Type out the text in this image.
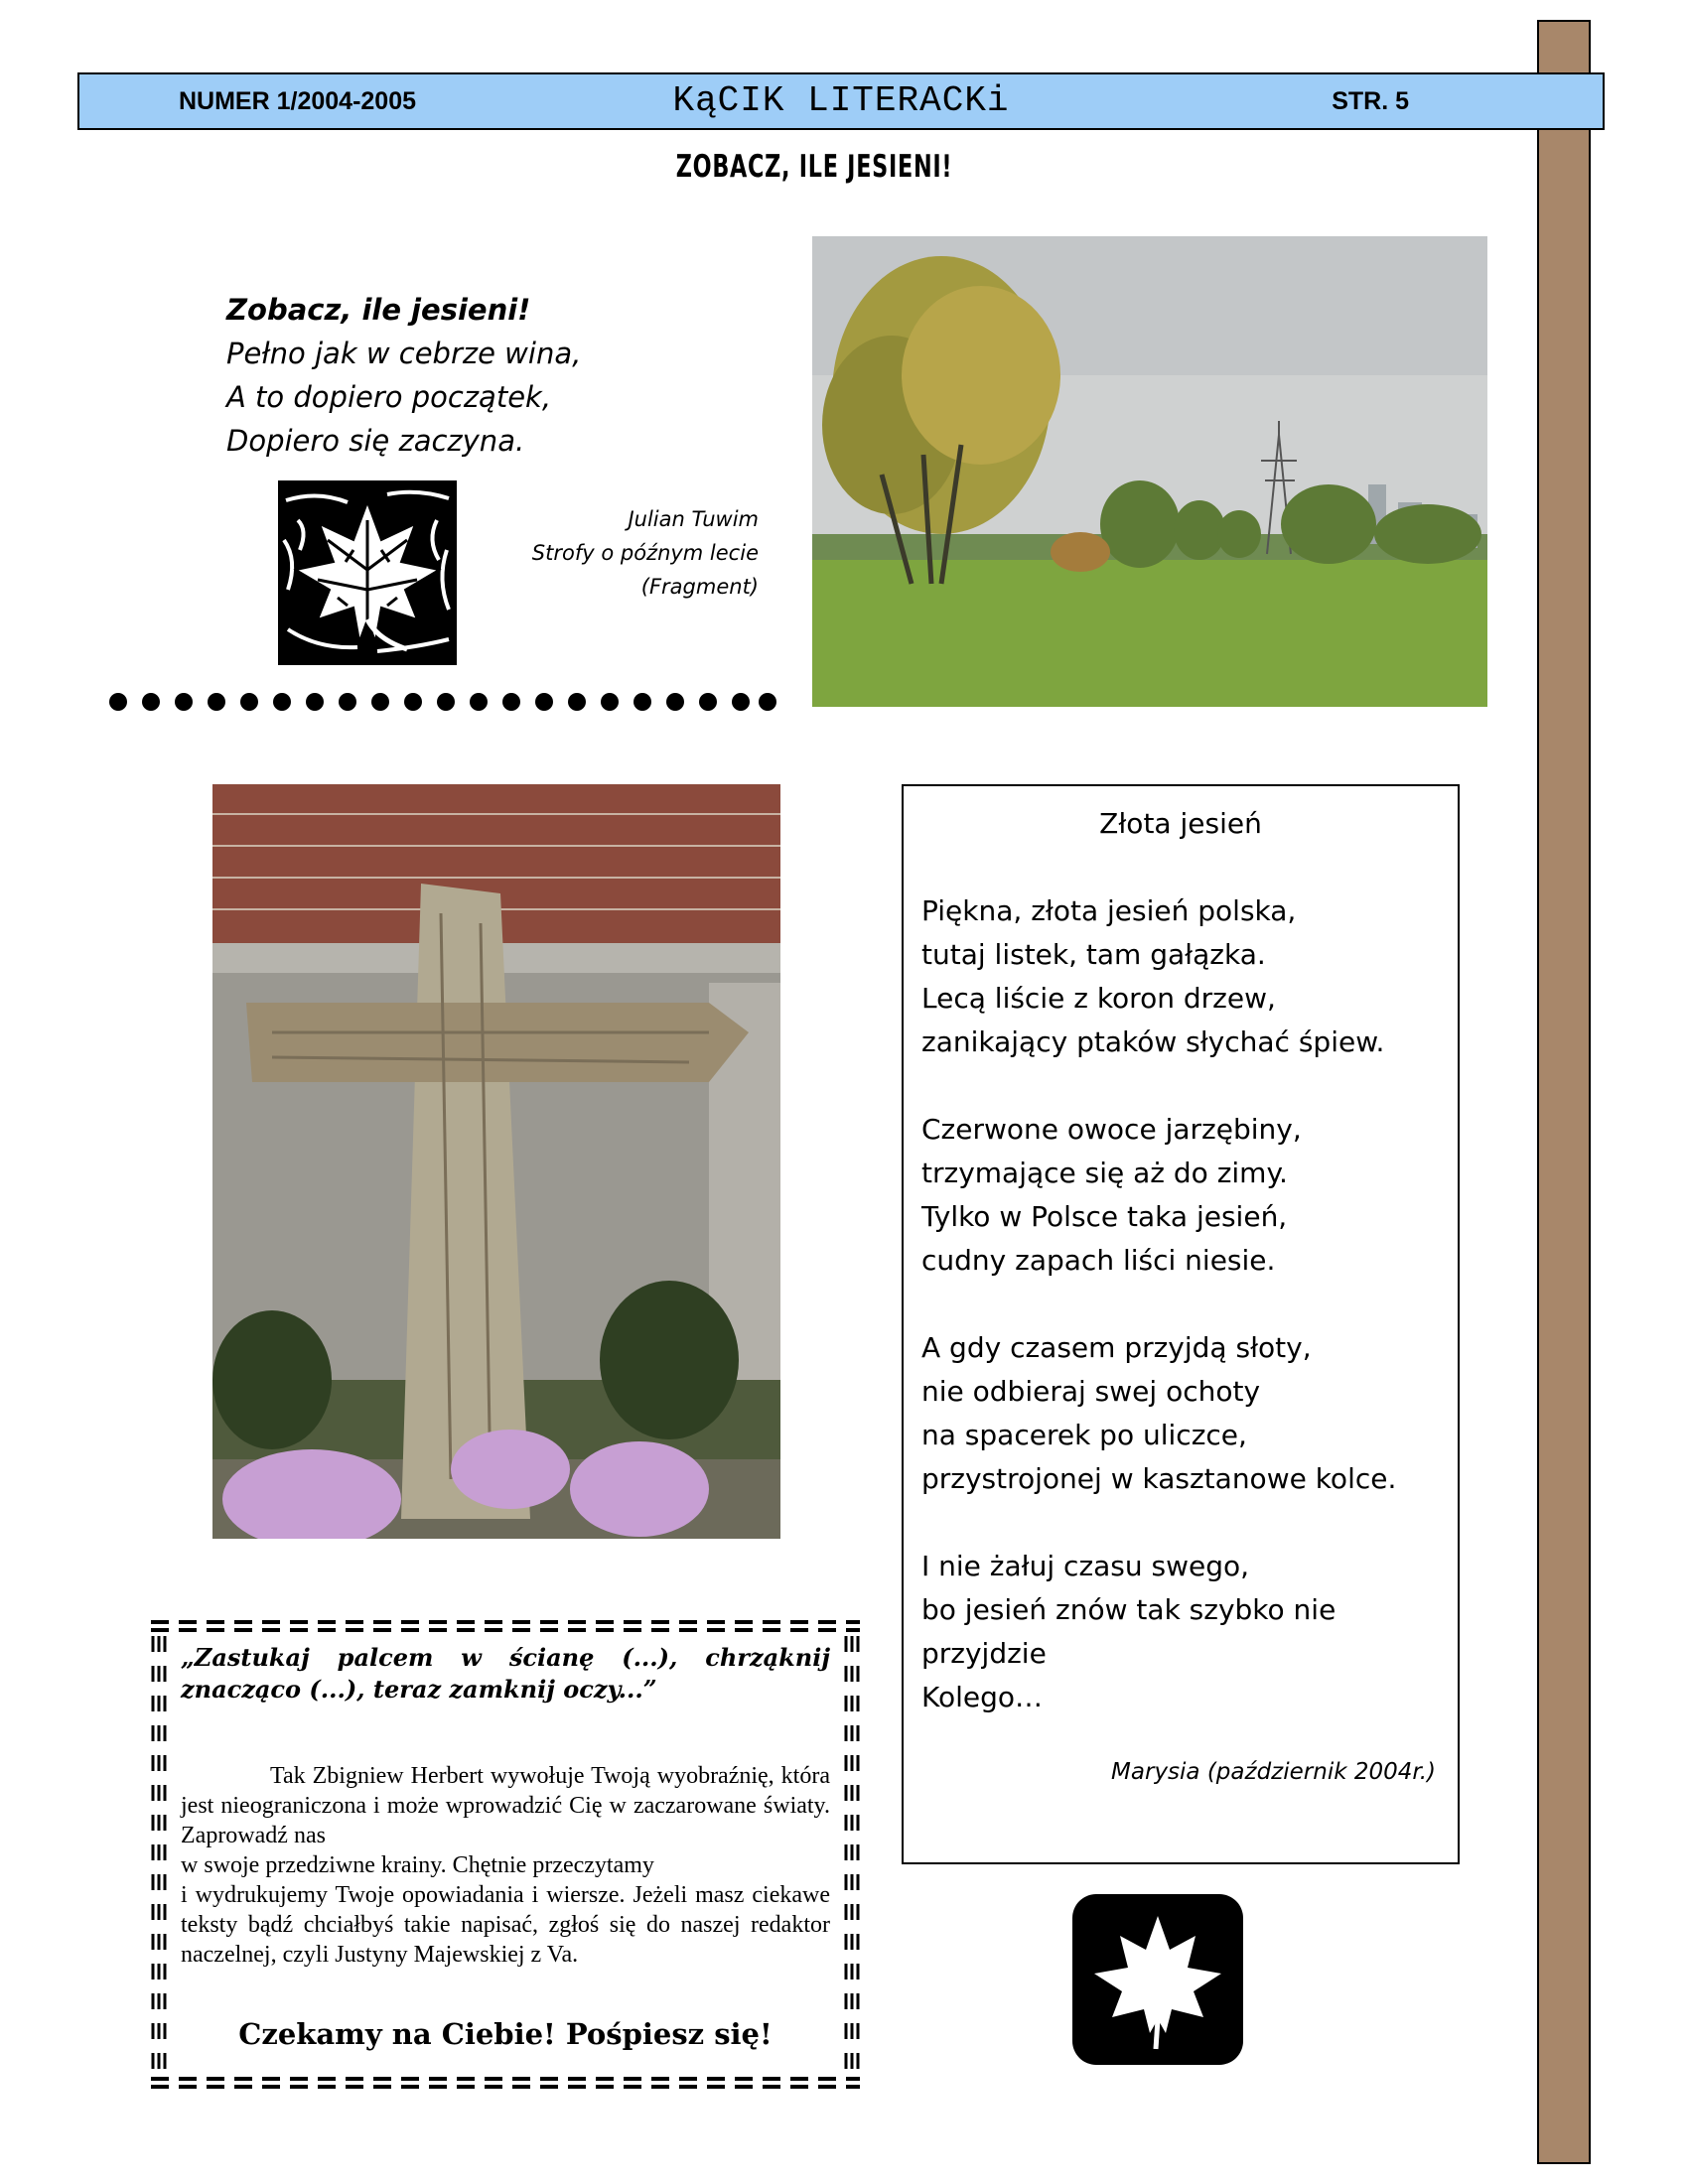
NUMER 1/2004-2005	KąCIK LITERACKi	STR. 5
ZOBACZ, ILE JESIENI!
Zobacz, ile jesieni!
Pełno jak w cebrze wina,
A to dopiero początek,
Dopiero się zaczyna.
Julian Tuwim
Strofy o późnym lecie
(Fragment)
Złota jesień
Piękna, złota jesień polska,
tutaj listek, tam gałązka.
Lecą liście z koron drzew,
zanikający ptaków słychać śpiew.
Czerwone owoce jarzębiny,
trzymające się aż do zimy.
Tylko w Polsce taka jesień,
cudny zapach liści niesie.
A gdy czasem przyjdą słoty,
nie odbieraj swej ochoty
na spacerek po uliczce,
przystrojonej w kasztanowe kolce.
I nie żałuj czasu swego,
bo jesień znów tak szybko nie
przyjdzie
Kolego…
Marysia (październik 2004r.)
„Zastukaj palcem w ścianę (...), chrząknij znacząco (...), teraz zamknij oczy...”

Tak Zbigniew Herbert wywołuje Twoją wyobraźnię, która jest nieograniczona i może wprowadzić Cię w zaczarowane światy. Zaprowadź nas

w swoje przedziwne krainy. Chętnie przeczytamy

i wydrukujemy Twoje opowiadania i wiersze. Jeżeli masz ciekawe teksty bądź chciałbyś takie napisać, zgłoś się do naszej redaktor naczelnej, czyli Justyny Majewskiej z Va.

Czekamy na Ciebie! Pośpiesz się!
